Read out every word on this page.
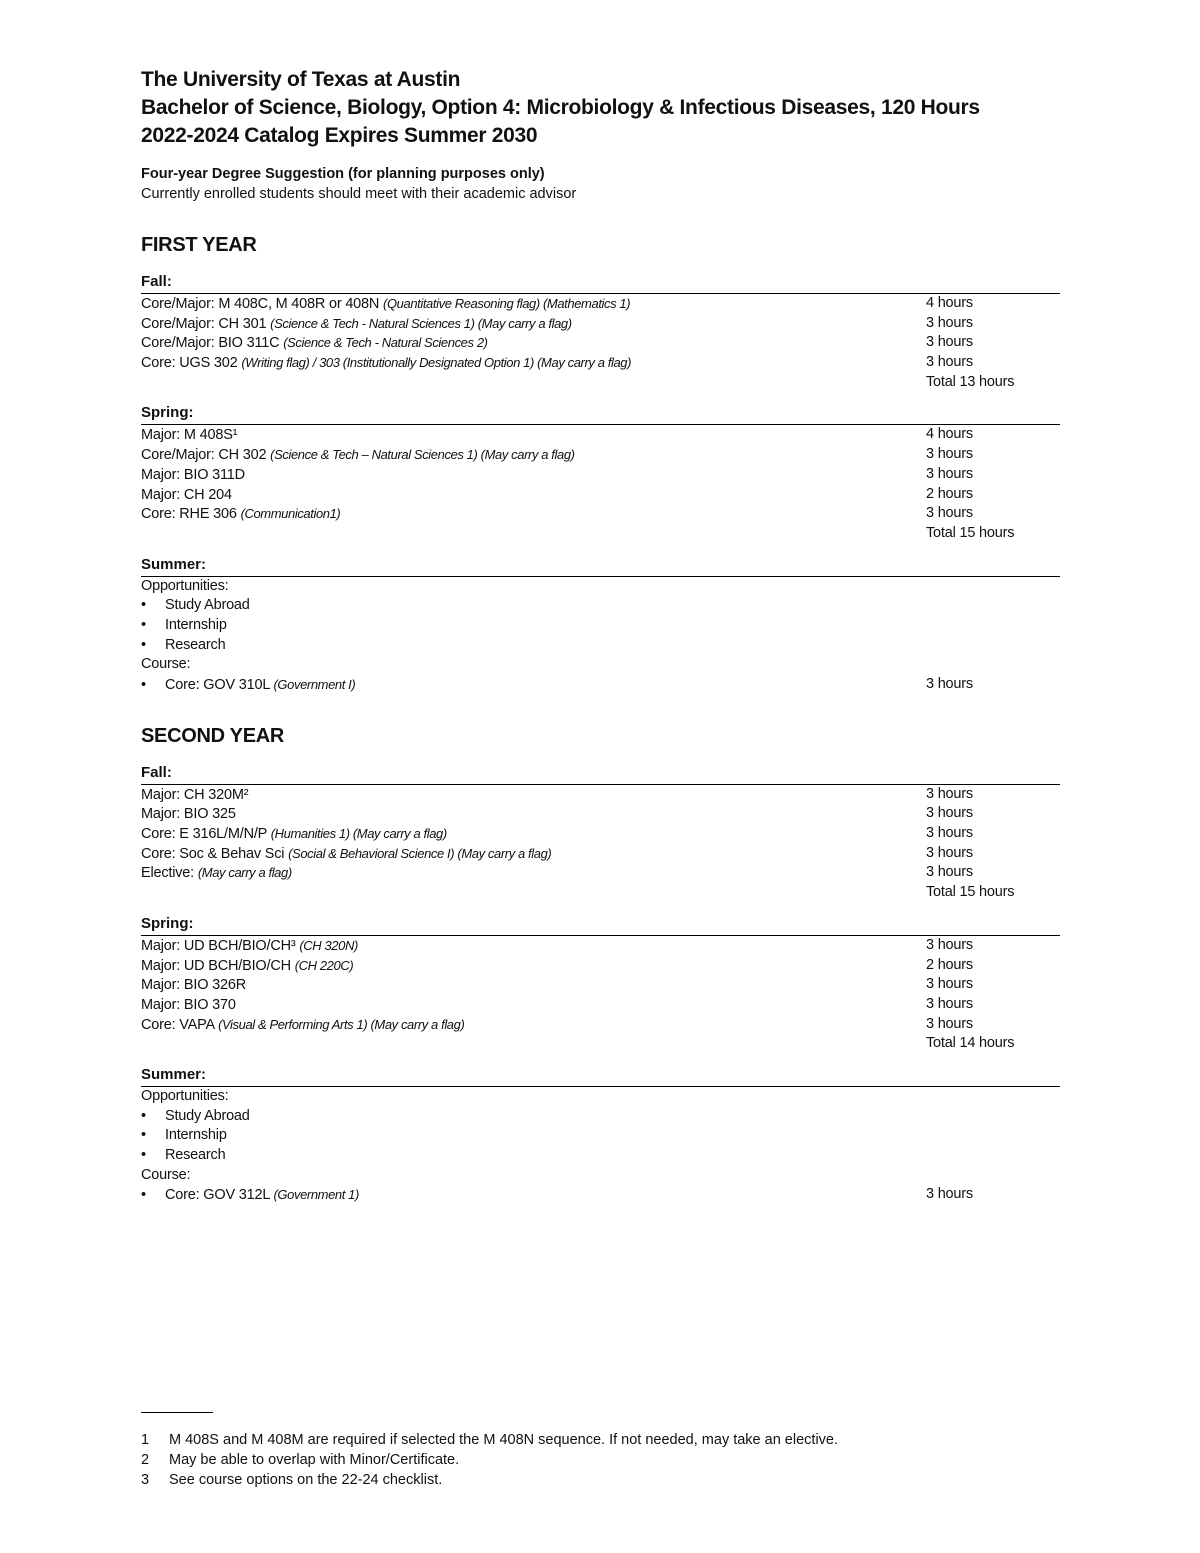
The University of Texas at Austin
Bachelor of Science, Biology, Option 4: Microbiology & Infectious Diseases, 120 Hours
2022-2024 Catalog Expires Summer 2030
Four-year Degree Suggestion (for planning purposes only)
Currently enrolled students should meet with their academic advisor
FIRST YEAR
Fall:
Core/Major: M 408C, M 408R or 408N (Quantitative Reasoning flag) (Mathematics 1)	4 hours
Core/Major: CH 301 (Science & Tech - Natural Sciences 1) (May carry a flag)	3 hours
Core/Major: BIO 311C (Science & Tech - Natural Sciences 2)	3 hours
Core: UGS 302 (Writing flag) / 303 (Institutionally Designated Option 1) (May carry a flag)	3 hours
Total 13 hours
Spring:
Major: M 408S¹	4 hours
Core/Major: CH 302 (Science & Tech – Natural Sciences 1) (May carry a flag)	3 hours
Major: BIO 311D	3 hours
Major: CH 204	2 hours
Core: RHE 306 (Communication1)	3 hours
Total 15 hours
Summer:
Opportunities:
• Study Abroad
• Internship
• Research
Course:
• Core: GOV 310L (Government I)	3 hours
SECOND YEAR
Fall:
Major: CH 320M²	3 hours
Major: BIO 325	3 hours
Core: E 316L/M/N/P (Humanities 1) (May carry a flag)	3 hours
Core: Soc & Behav Sci (Social & Behavioral Science I) (May carry a flag)	3 hours
Elective: (May carry a flag)	3 hours
Total 15 hours
Spring:
Major: UD BCH/BIO/CH³ (CH 320N)	3 hours
Major: UD BCH/BIO/CH (CH 220C)	2 hours
Major: BIO 326R	3 hours
Major: BIO 370	3 hours
Core: VAPA (Visual & Performing Arts 1) (May carry a flag)	3 hours
Total 14 hours
Summer:
Opportunities:
• Study Abroad
• Internship
• Research
Course:
• Core: GOV 312L (Government 1)	3 hours
1 M 408S and M 408M are required if selected the M 408N sequence. If not needed, may take an elective.
2 May be able to overlap with Minor/Certificate.
3 See course options on the 22-24 checklist.
